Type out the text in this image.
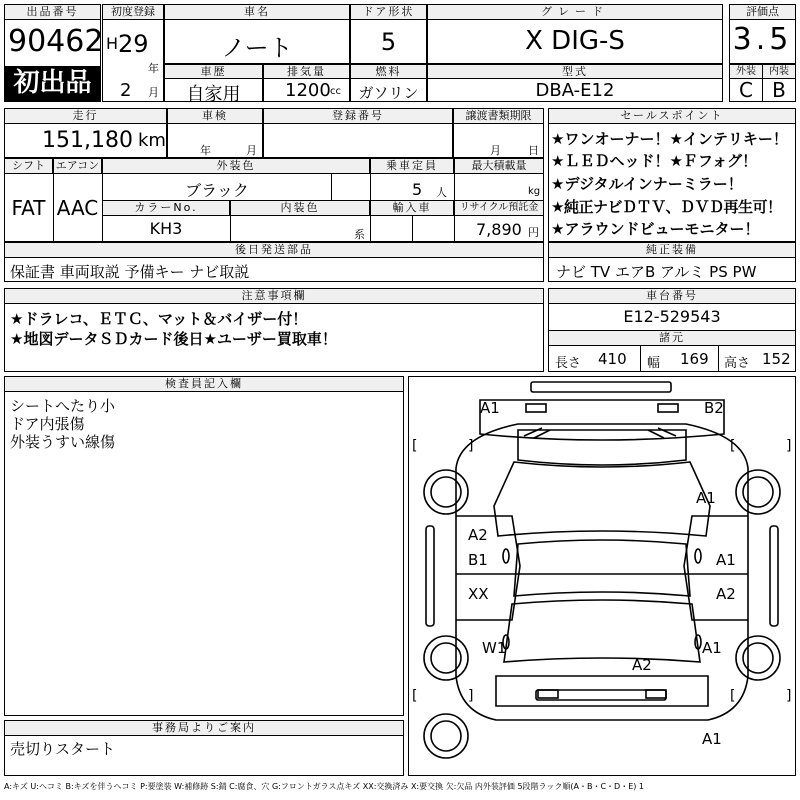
出品番号
90462
初出品
初度登録
H 29
年
2 月
車名
ノート
ドア形状
5
グレード
X DIG-S
車歴
自家用
排気量
1200 cc
燃料
ガソリン
型式
DBA-E12
評価点
3.5
外装	内装
C B
走行
151,180 km
車検
年	月
登録番号	譲渡書類期限
月 日
シフト エアコン
FAT AAC
外装色
ブラック
乗車定員
5 人
最大積載量
kg
カラーNo.
KH3
内装色
系
輸入車	リサイクル預託金
7,890 円
セールスポイント
★ワンオーナー！★インテリキー！
★ＬＥＤヘッド！★Ｆフォグ！
★デジタルインナーミラー！
★純正ナビＤＴＶ、ＤＶＤ再生可！
★アラウンドビューモニター！
後日発送部品
保証書 車両取説 予備キー ナビ取説
純正装備
ナビ TV エアB アルミ PS PW
注意事項欄
★ドラレコ、ＥＴＣ、マット＆バイザー付！
★地図データＳＤカード後日★ユーザー買取車！
車台番号
E12-529543
諸元
長さ 410 幅 169 高さ 152
検査員記入欄
シートへたり小
ドア内張傷
外装うすい線傷
事務局よりご案内
売切りスタート
[	]	[	]
[	]	[	]
A1	B2
A1
A2
B1	A1
XX	A2
W1	A1
A2
A1
A:キズ U:ヘコミ B:キズを伴うヘコミ P:要塗装 W:補修跡 S:錆 C:腐食、穴 G:フロントガラス点キズ XX:交換済み X:要交換 欠:欠品 内外装評価 5段階ラック順(A・B・C・D・E) 1
